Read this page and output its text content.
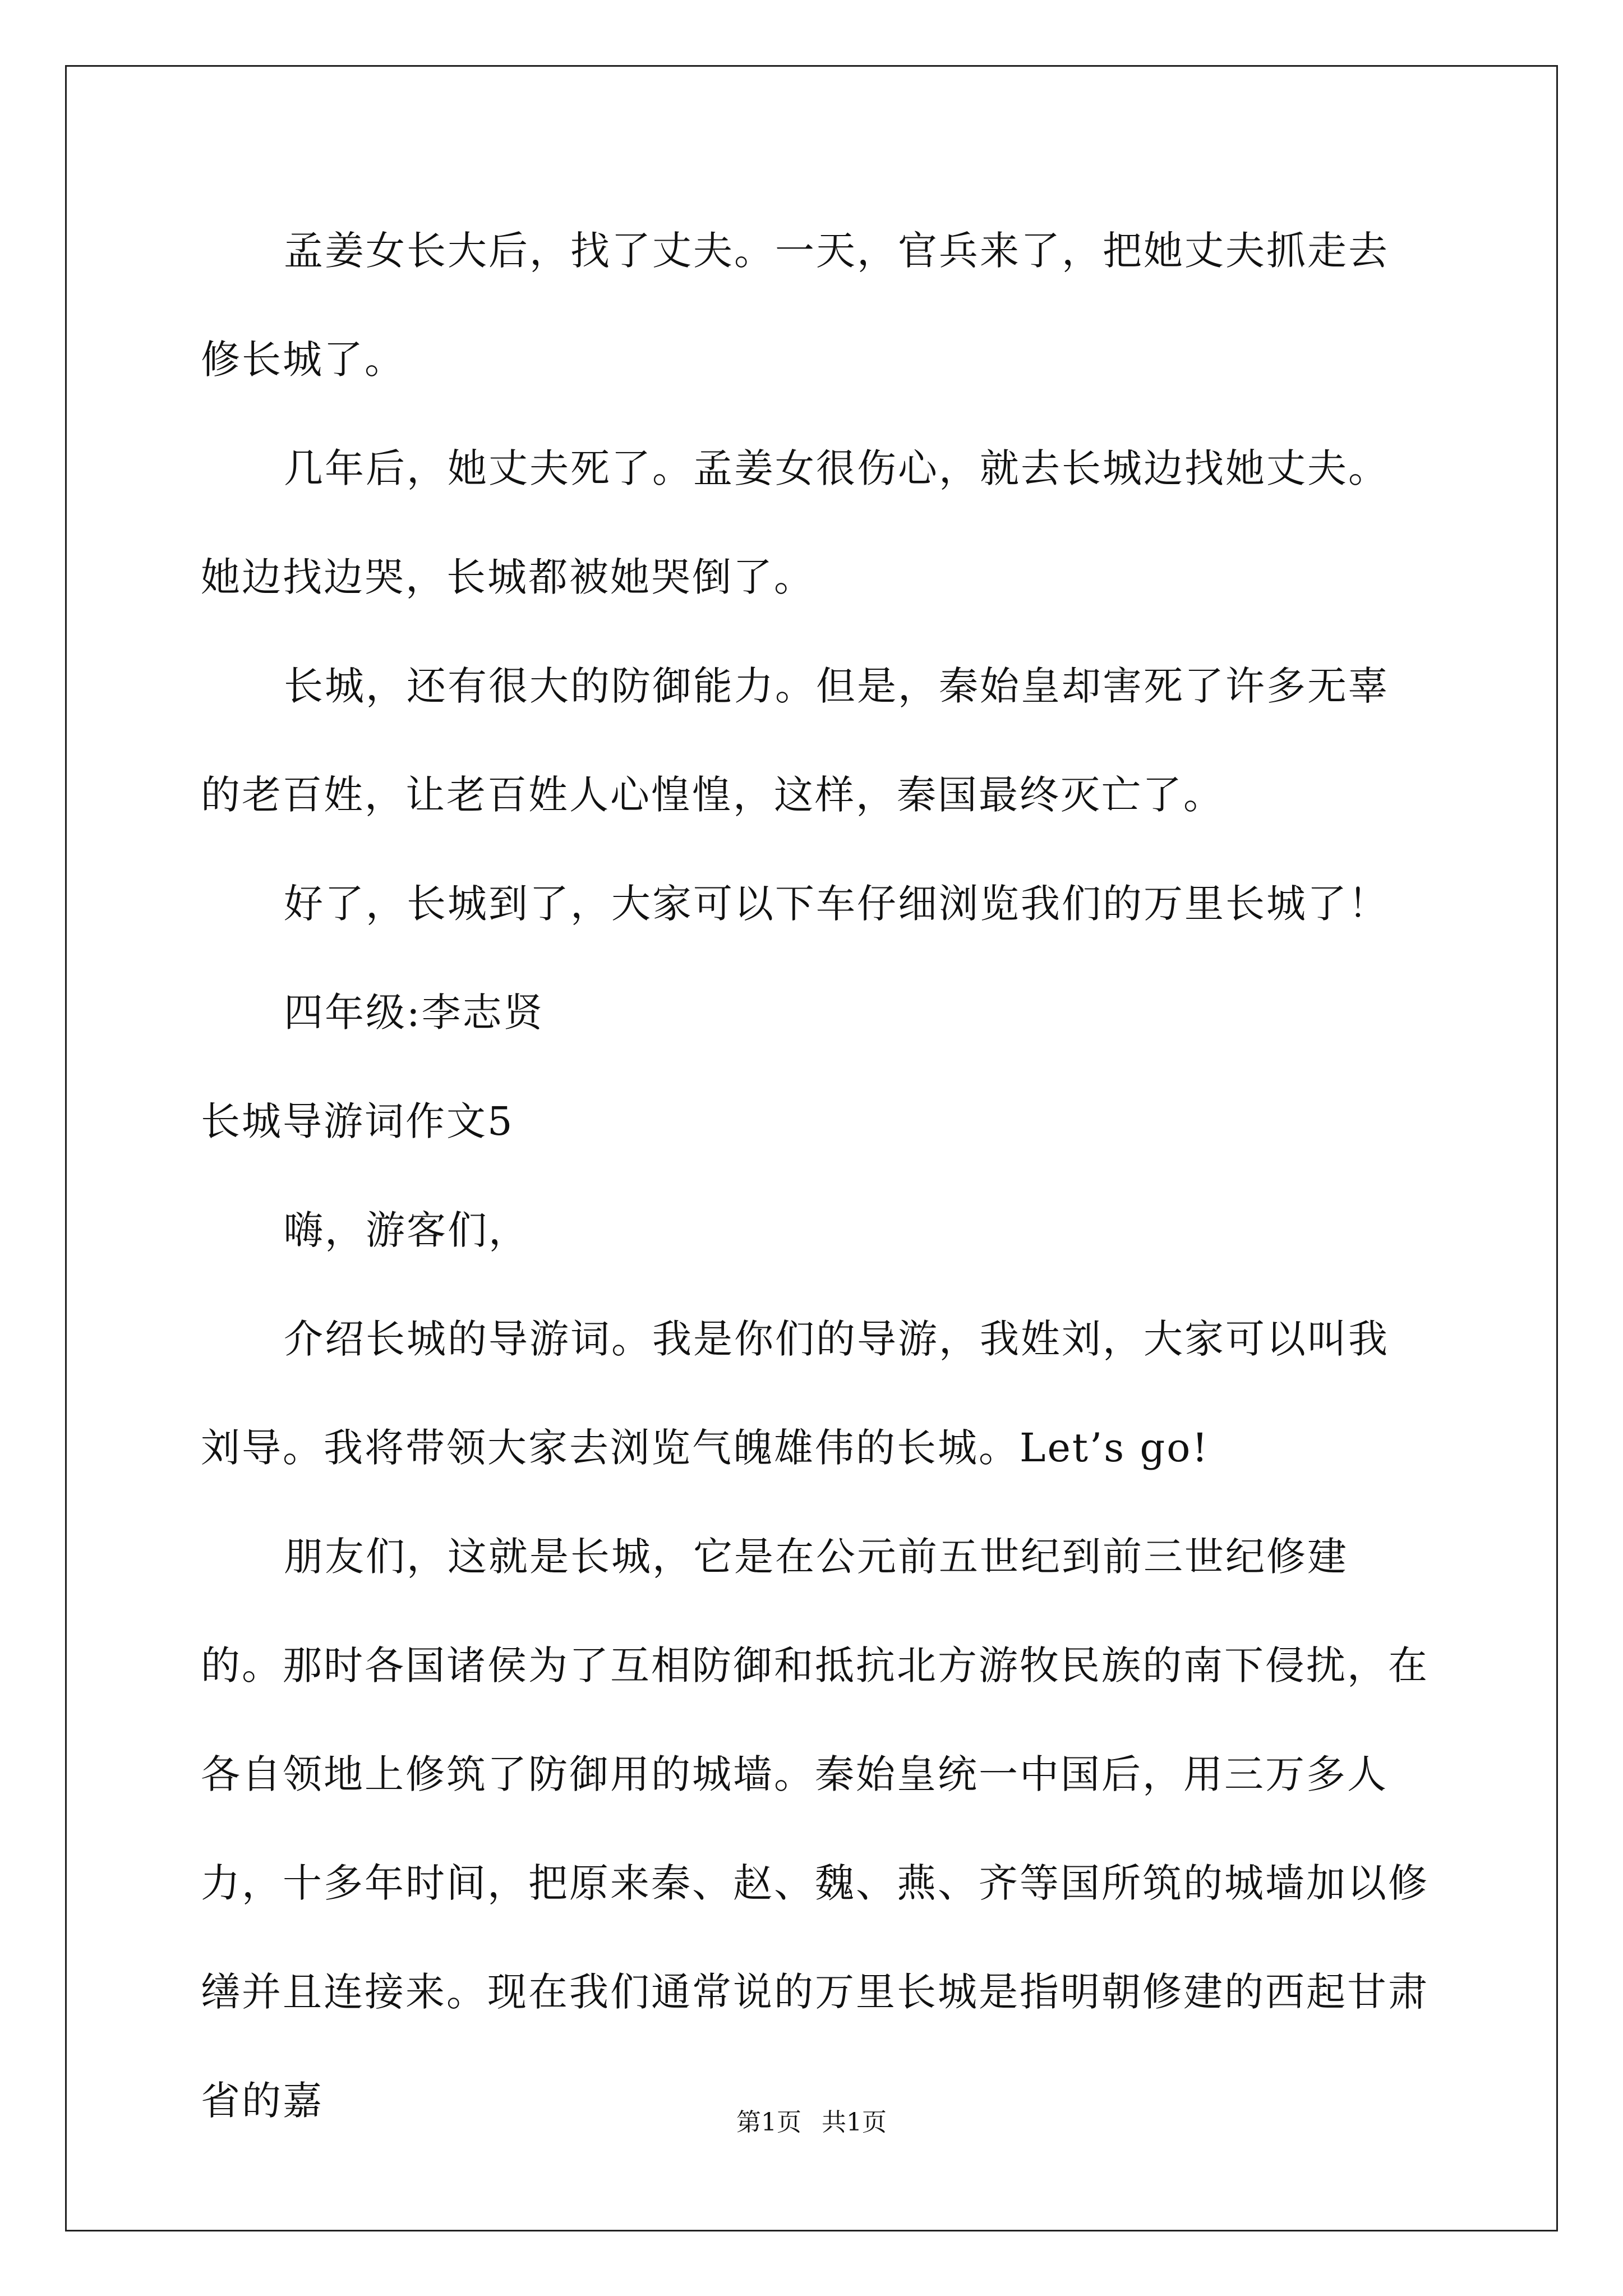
孟姜女长大后，找了丈夫。一天，官兵来了，把她丈夫抓走去修长城了。

几年后，她丈夫死了。孟姜女很伤心，就去长城边找她丈夫。她边找边哭，长城都被她哭倒了。

长城，还有很大的防御能力。但是，秦始皇却害死了许多无辜的老百姓，让老百姓人心惶惶，这样，秦国最终灭亡了。

好了，长城到了，大家可以下车仔细浏览我们的万里长城了！

四年级:李志贤

长城导游词作文5

嗨，游客们，

介绍长城的导游词。我是你们的导游，我姓刘，大家可以叫我刘导。我将带领大家去浏览气魄雄伟的长城。Let’s go!

朋友们，这就是长城，它是在公元前五世纪到前三世纪修建的。那时各国诸侯为了互相防御和抵抗北方游牧民族的南下侵扰，在各自领地上修筑了防御用的城墙。秦始皇统一中国后，用三万多人力，十多年时间，把原来秦、赵、魏、燕、齐等国所筑的城墙加以修缮并且连接来。现在我们通常说的万里长城是指明朝修建的西起甘肃省的嘉	第1页 共1页
